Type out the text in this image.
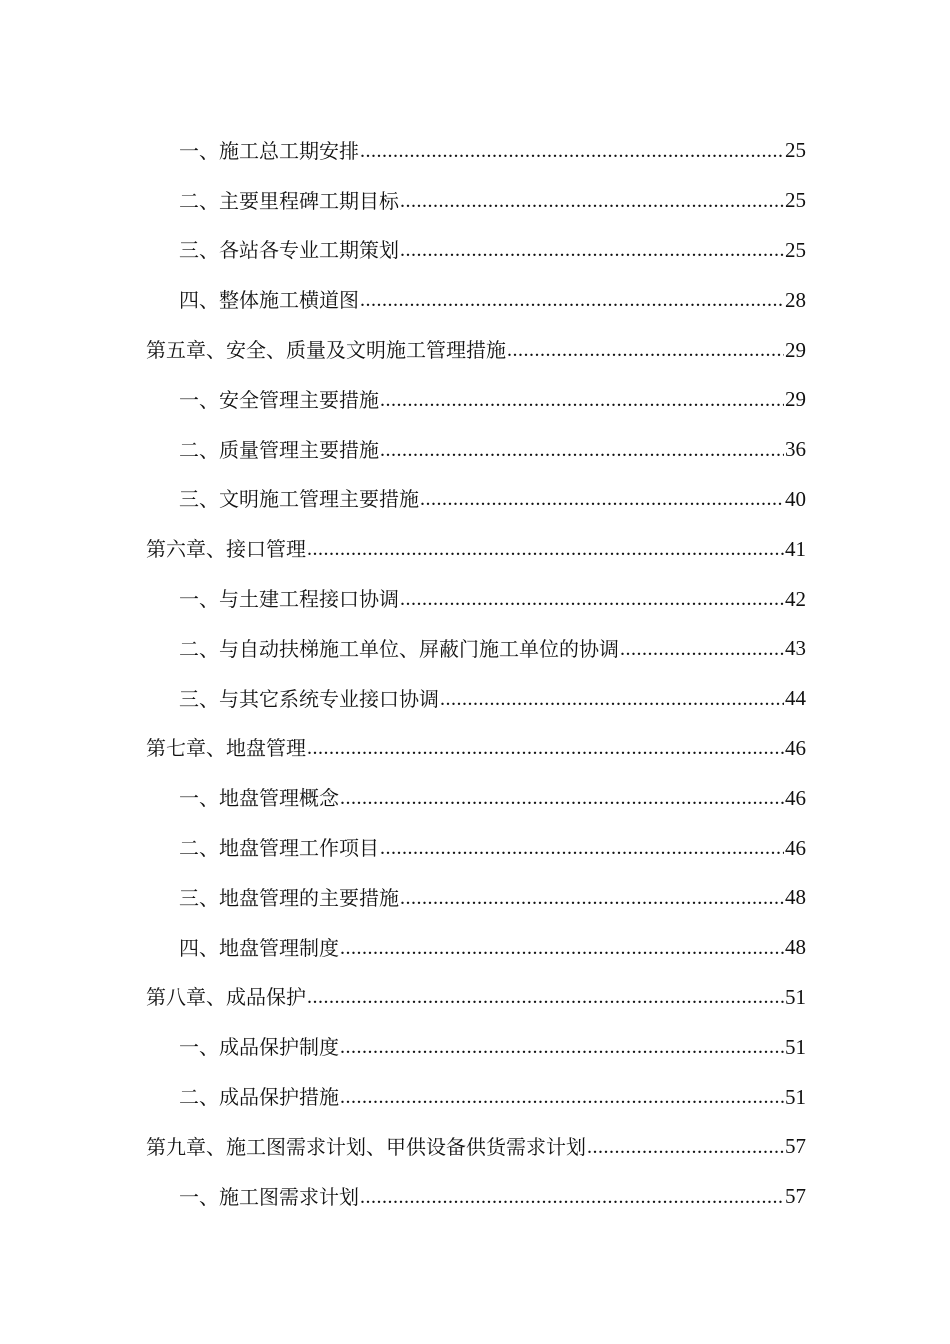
一、施工总工期安排 .....	25
二、主要里程碑工期目标 .....	25
三、各站各专业工期策划 .....	25
四、整体施工横道图 .....	28
第五章、安全、质量及文明施工管理措施 .....	29
一、安全管理主要措施 .....	29
二、质量管理主要措施 .....	36
三、文明施工管理主要措施 .....	40
第六章、接口管理 .....	41
一、与土建工程接口协调 .....	42
二、与自动扶梯施工单位、屏蔽门施工单位的协调 .....	43
三、与其它系统专业接口协调 .....	44
第七章、地盘管理 .....	46
一、地盘管理概念 .....	46
二、地盘管理工作项目 .....	46
三、地盘管理的主要措施 .....	48
四、地盘管理制度 .....	48
第八章、成品保护 .....	51
一、成品保护制度 .....	51
二、成品保护措施 .....	51
第九章、施工图需求计划、甲供设备供货需求计划 .....	57
一、施工图需求计划 .....	57
